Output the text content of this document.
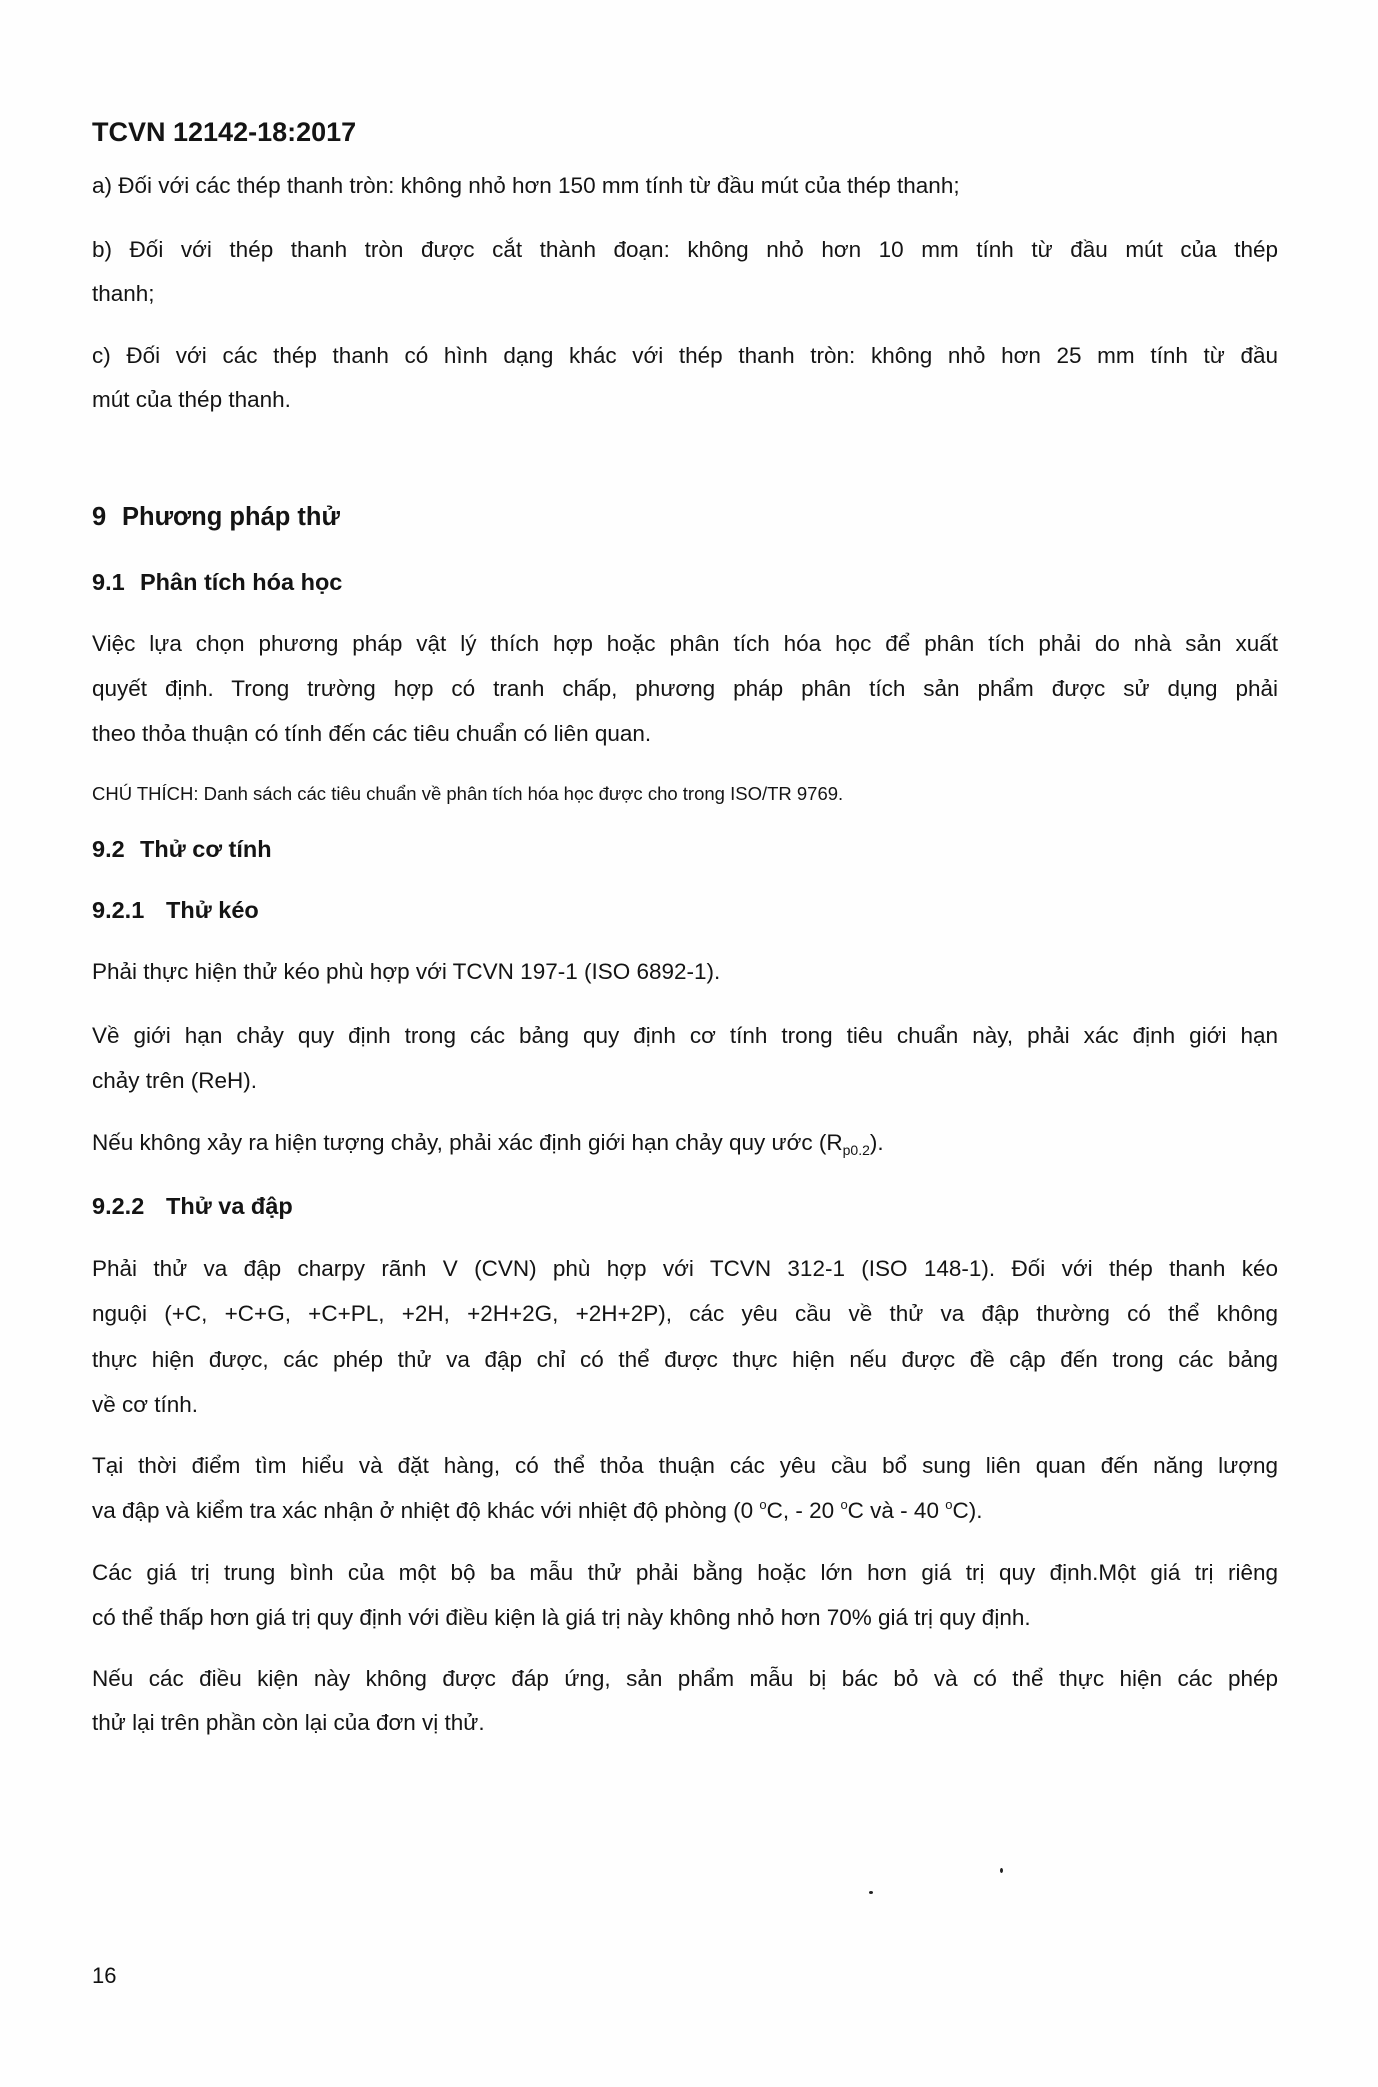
TCVN 12142-18:2017
a) Đối với các thép thanh tròn: không nhỏ hơn 150 mm tính từ đầu mút của thép thanh;
b) Đối với thép thanh tròn được cắt thành đoạn: không nhỏ hơn 10 mm tính từ đầu mút của thép
thanh;
c) Đối với các thép thanh có hình dạng khác với thép thanh tròn: không nhỏ hơn 25 mm tính từ đầu
mút của thép thanh.
9 Phương pháp thử
9.1 Phân tích hóa học
Việc lựa chọn phương pháp vật lý thích hợp hoặc phân tích hóa học để phân tích phải do nhà sản xuất
quyết định. Trong trường hợp có tranh chấp, phương pháp phân tích sản phẩm được sử dụng phải
theo thỏa thuận có tính đến các tiêu chuẩn có liên quan.
CHÚ THÍCH: Danh sách các tiêu chuẩn về phân tích hóa học được cho trong ISO/TR 9769.
9.2 Thử cơ tính
9.2.1 Thử kéo
Phải thực hiện thử kéo phù hợp với TCVN 197-1 (ISO 6892-1).
Về giới hạn chảy quy định trong các bảng quy định cơ tính trong tiêu chuẩn này, phải xác định giới hạn
chảy trên (ReH).
Nếu không xảy ra hiện tượng chảy, phải xác định giới hạn chảy quy ước $(R_{p0.2})$.
9.2.2 Thử va đập
Phải thử va đập charpy rãnh V (CVN) phù hợp với TCVN 312-1 (ISO 148-1). Đối với thép thanh kéo
nguội (+C, +C+G, +C+PL, +2H, +2H+2G, +2H+2P), các yêu cầu về thử va đập thường có thể không
thực hiện được, các phép thử va đập chỉ có thể được thực hiện nếu được đề cập đến trong các bảng
về cơ tính.
Tại thời điểm tìm hiểu và đặt hàng, có thể thỏa thuận các yêu cầu bổ sung liên quan đến năng lượng
va đập và kiểm tra xác nhận ở nhiệt độ khác với nhiệt độ phòng (0 $^o$C, - 20 $^o$C và - 40 $^o$C).
Các giá trị trung bình của một bộ ba mẫu thử phải bằng hoặc lớn hơn giá trị quy định.Một giá trị riêng
có thể thấp hơn giá trị quy định với điều kiện là giá trị này không nhỏ hơn 70% giá trị quy định.
Nếu các điều kiện này không được đáp ứng, sản phẩm mẫu bị bác bỏ và có thể thực hiện các phép
thử lại trên phần còn lại của đơn vị thử.
16
